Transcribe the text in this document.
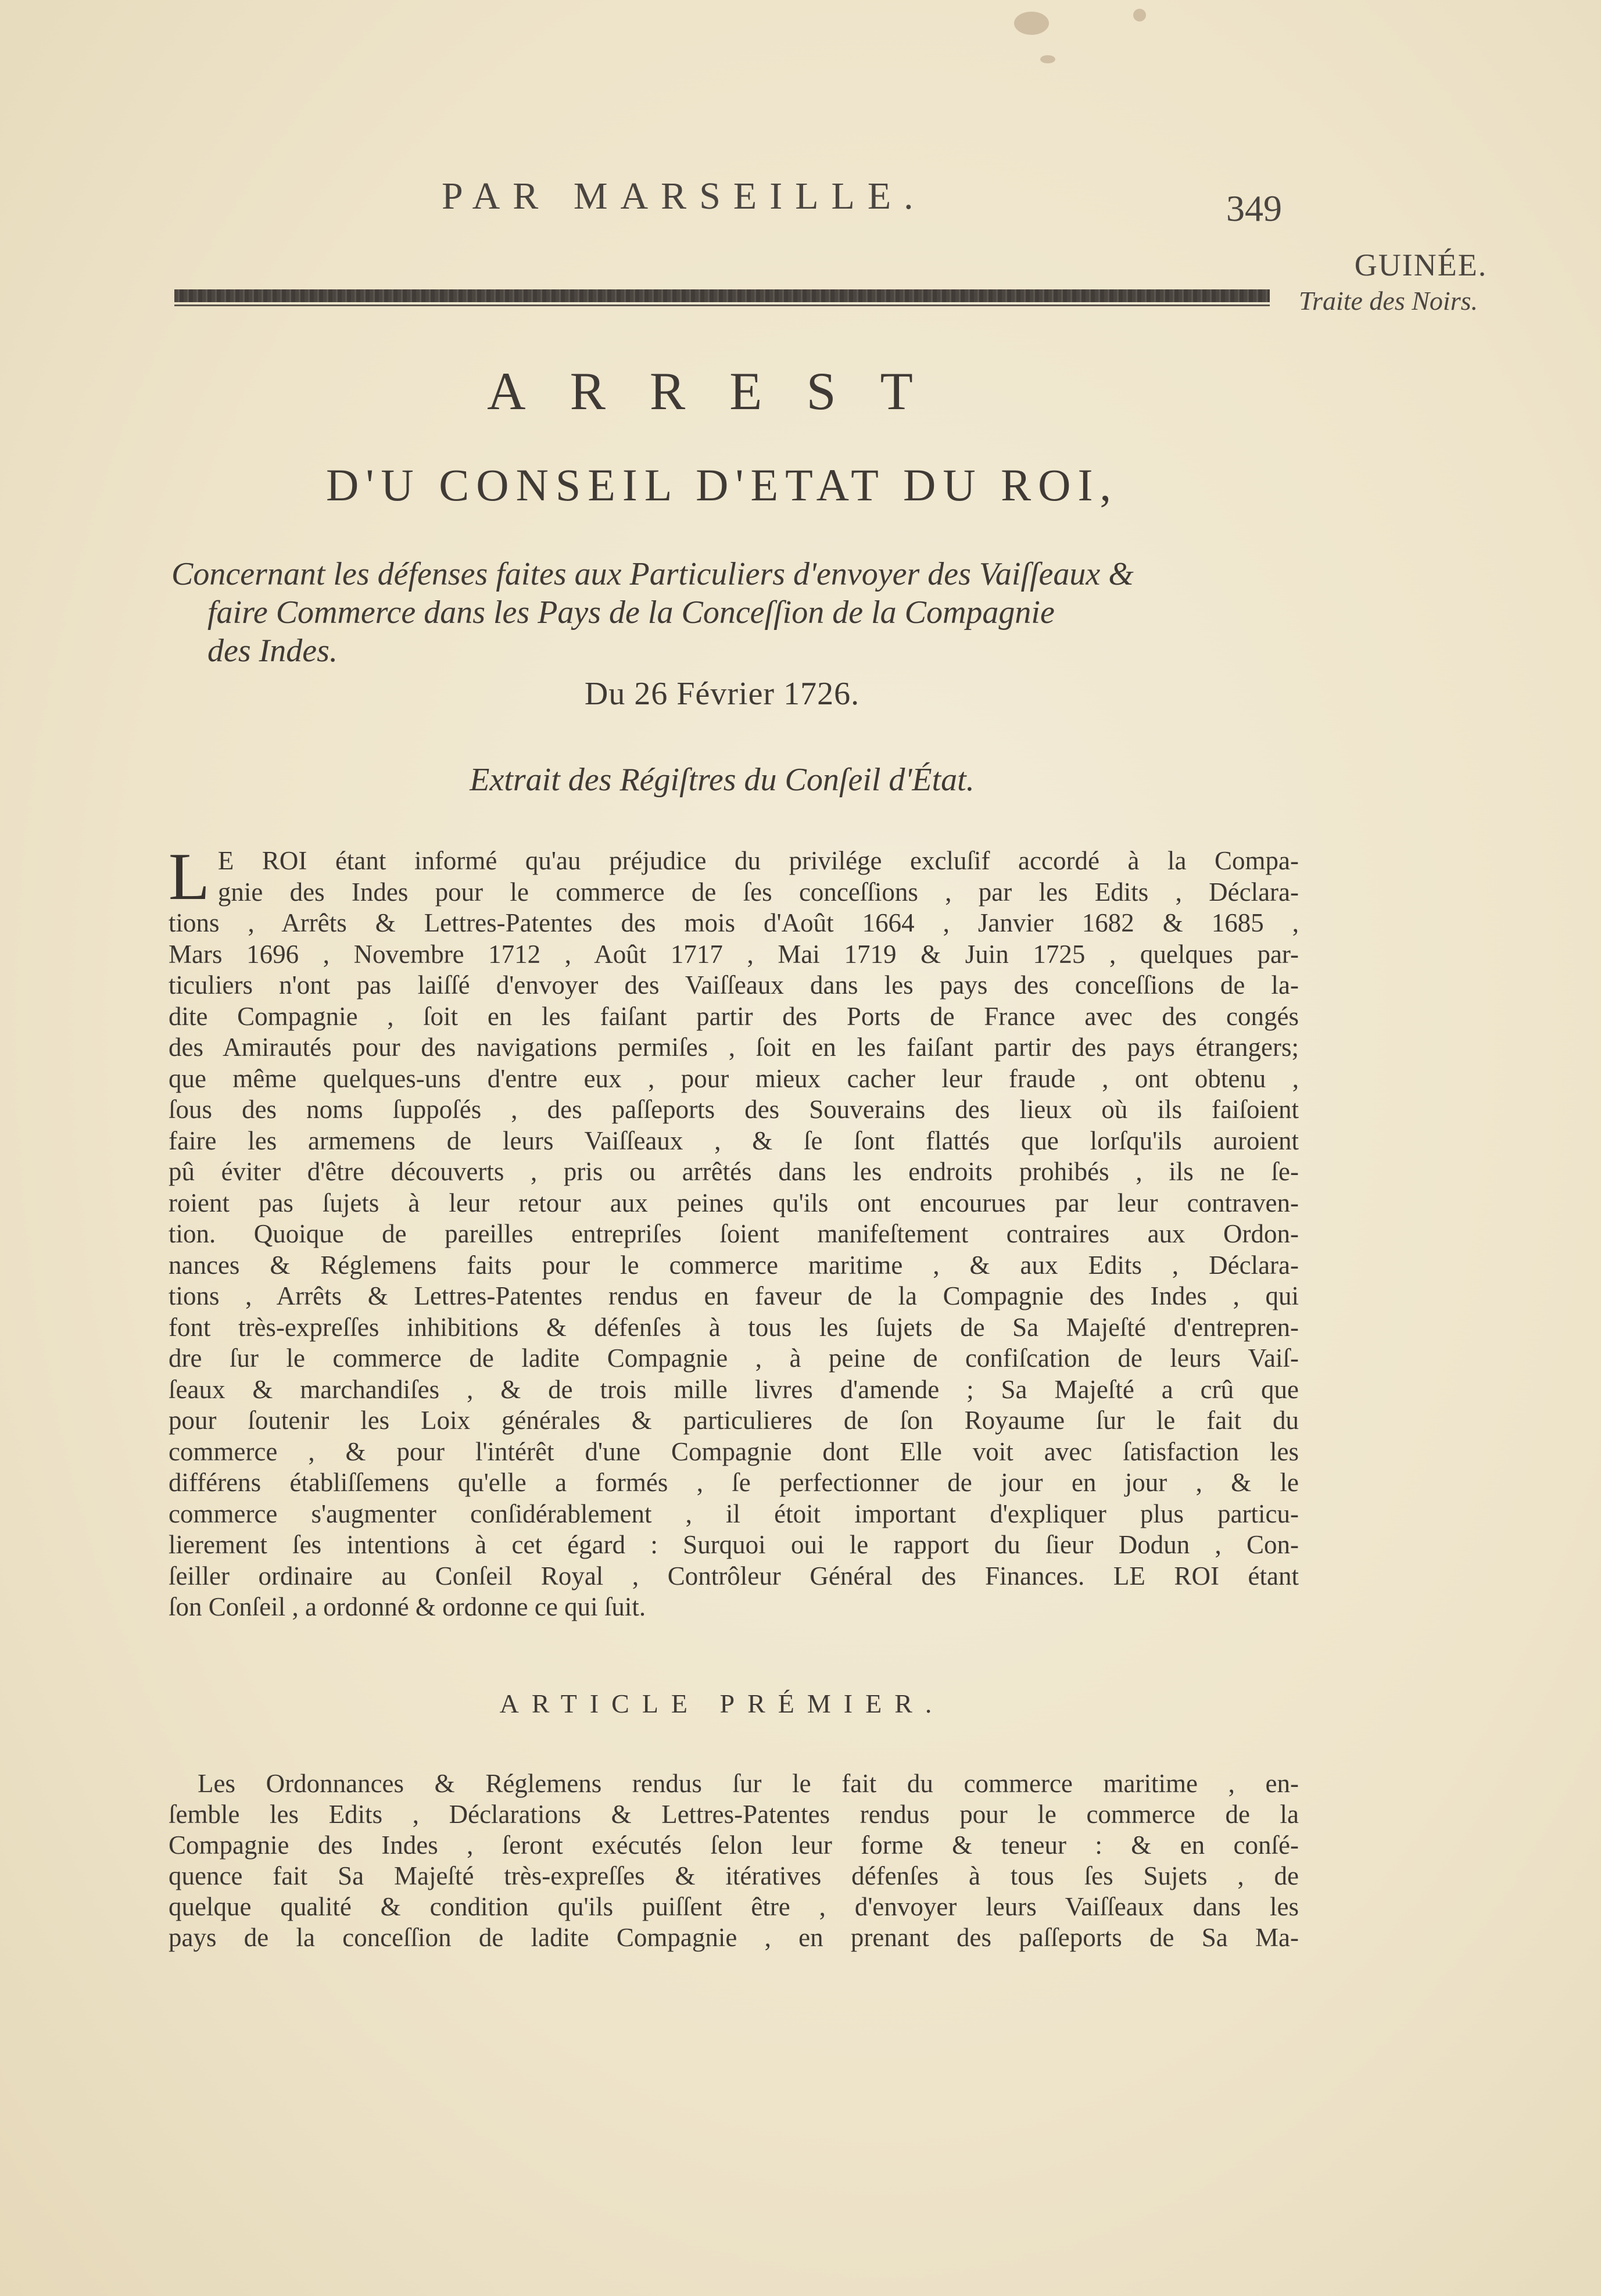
PAR MARSEILLE.	349
GUINÉE.
Traite des Noirs.
ARREST
D'U CONSEIL D'ETAT DU ROI,
Concernant les défenses faites aux Particuliers d'envoyer des Vaiſſeaux &
faire Commerce dans les Pays de la Conceſſion de la Compagnie
des Indes.
Du 26 Février 1726.
Extrait des Régiſtres du Conſeil d'État.
L E ROI étant informé qu'au préjudice du privilége excluſif accordé à la Compa-
gnie des Indes pour le commerce de ſes conceſſions , par les Edits , Déclara-
tions , Arrêts & Lettres-Patentes des mois d'Août 1664 , Janvier 1682 & 1685 ,
Mars 1696 , Novembre 1712 , Août 1717 , Mai 1719 & Juin 1725 , quelques par-
ticuliers n'ont pas laiſſé d'envoyer des Vaiſſeaux dans les pays des conceſſions de la-
dite Compagnie , ſoit en les faiſant partir des Ports de France avec des congés
des Amirautés pour des navigations permiſes , ſoit en les faiſant partir des pays étrangers;
que même quelques-uns d'entre eux , pour mieux cacher leur fraude , ont obtenu ,
ſous des noms ſuppoſés , des paſſeports des Souverains des lieux où ils faiſoient
faire les armemens de leurs Vaiſſeaux , & ſe ſont flattés que lorſqu'ils auroient
pû éviter d'être découverts , pris ou arrêtés dans les endroits prohibés , ils ne ſe-
roient pas ſujets à leur retour aux peines qu'ils ont encourues par leur contraven-
tion. Quoique de pareilles entrepriſes ſoient manifeſtement contraires aux Ordon-
nances & Réglemens faits pour le commerce maritime , & aux Edits , Déclara-
tions , Arrêts & Lettres-Patentes rendus en faveur de la Compagnie des Indes , qui
font très-expreſſes inhibitions & défenſes à tous les ſujets de Sa Majeſté d'entrepren-
dre ſur le commerce de ladite Compagnie , à peine de confiſcation de leurs Vaiſ-
ſeaux & marchandiſes , & de trois mille livres d'amende ; Sa Majeſté a crû que
pour ſoutenir les Loix générales & particulieres de ſon Royaume ſur le fait du
commerce , & pour l'intérêt d'une Compagnie dont Elle voit avec ſatisfaction les
différens établiſſemens qu'elle a formés , ſe perfectionner de jour en jour , & le
commerce s'augmenter conſidérablement , il étoit important d'expliquer plus particu-
lierement ſes intentions à cet égard : Surquoi oui le rapport du ſieur Dodun , Con-
ſeiller ordinaire au Conſeil Royal , Contrôleur Général des Finances. LE ROI étant
ſon Conſeil , a ordonné & ordonne ce qui ſuit.
ARTICLE PRÉMIER.
Les Ordonnances & Réglemens rendus ſur le fait du commerce maritime , en-
ſemble les Edits , Déclarations & Lettres-Patentes rendus pour le commerce de la
Compagnie des Indes , ſeront exécutés ſelon leur forme & teneur : & en conſé-
quence fait Sa Majeſté très-expreſſes & itératives défenſes à tous ſes Sujets , de
quelque qualité & condition qu'ils puiſſent être , d'envoyer leurs Vaiſſeaux dans les
pays de la conceſſion de ladite Compagnie , en prenant des paſſeports de Sa Ma-
